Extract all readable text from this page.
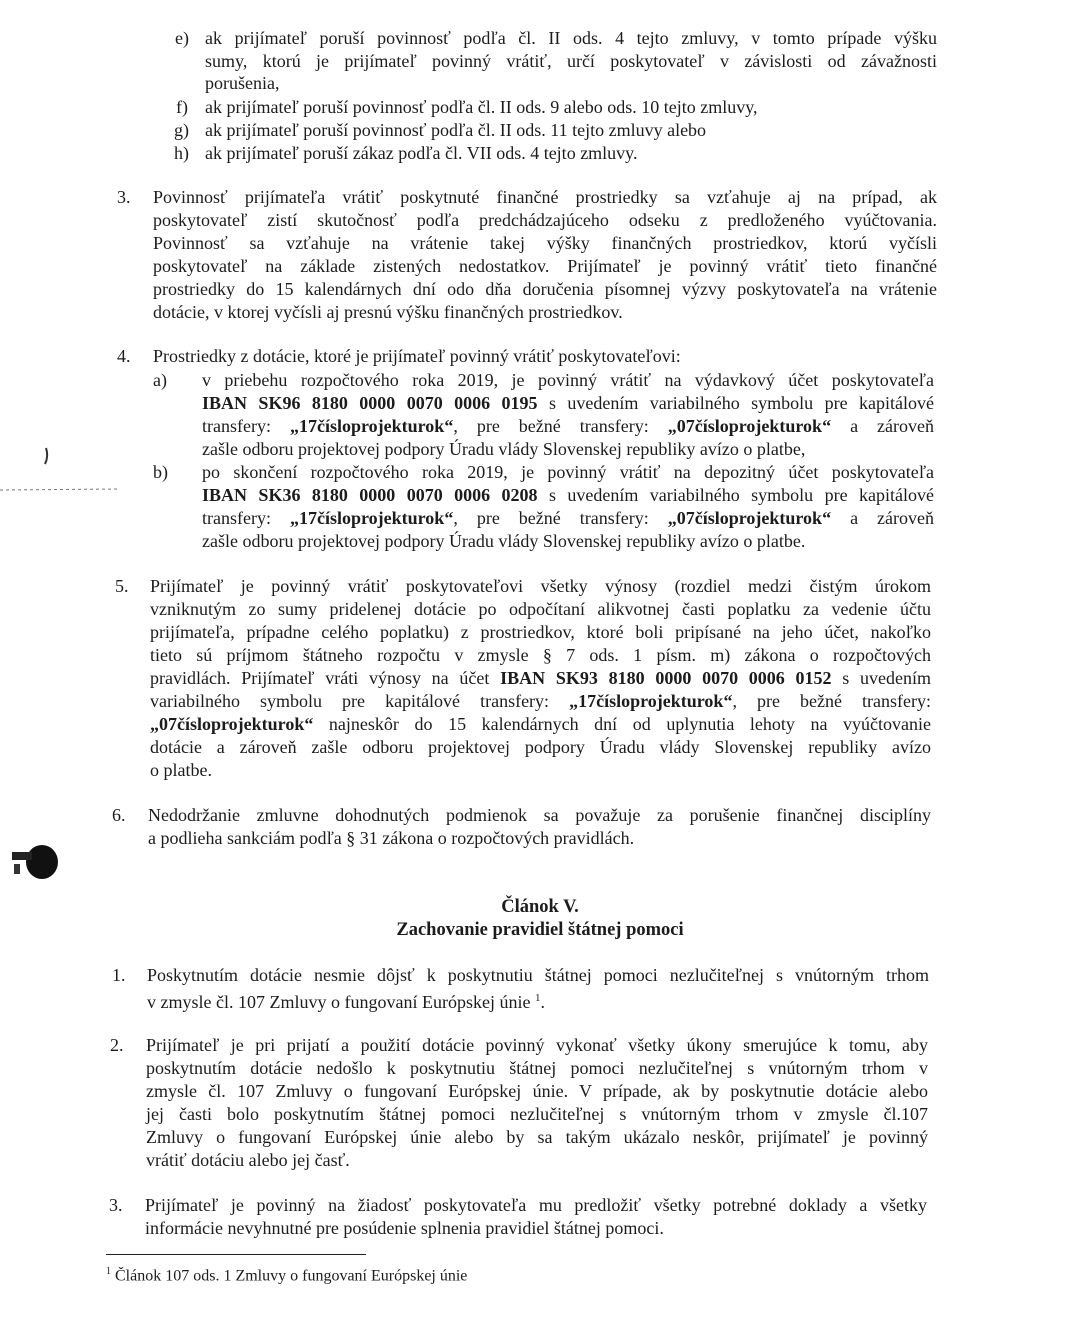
e) ak prijímateľ poruší povinnosť podľa čl. II ods. 4 tejto zmluvy, v tomto prípade výšku
sumy, ktorú je prijímateľ povinný vrátiť, určí poskytovateľ v závislosti od závažnosti
porušenia,
f) ak prijímateľ poruší povinnosť podľa čl. II ods. 9 alebo ods. 10 tejto zmluvy,
g) ak prijímateľ poruší povinnosť podľa čl. II ods. 11 tejto zmluvy alebo
h) ak prijímateľ poruší zákaz podľa čl. VII ods. 4 tejto zmluvy.
3. Povinnosť prijímateľa vrátiť poskytnuté finančné prostriedky sa vzťahuje aj na prípad, ak
poskytovateľ zistí skutočnosť podľa predchádzajúceho odseku z predloženého vyúčtovania.
Povinnosť sa vzťahuje na vrátenie takej výšky finančných prostriedkov, ktorú vyčísli
poskytovateľ na základe zistených nedostatkov. Prijímateľ je povinný vrátiť tieto finančné
prostriedky do 15 kalendárnych dní odo dňa doručenia písomnej výzvy poskytovateľa na vrátenie
dotácie, v ktorej vyčísli aj presnú výšku finančných prostriedkov.
4. Prostriedky z dotácie, ktoré je prijímateľ povinný vrátiť poskytovateľovi:
a) v priebehu rozpočtového roka 2019, je povinný vrátiť na výdavkový účet poskytovateľa
IBAN SK96 8180 0000 0070 0006 0195 s uvedením variabilného symbolu pre kapitálové
transfery: „17čísloprojekturok“, pre bežné transfery: „07čísloprojekturok“ a zároveň
zašle odboru projektovej podpory Úradu vlády Slovenskej republiky avízo o platbe,
b) po skončení rozpočtového roka 2019, je povinný vrátiť na depozitný účet poskytovateľa
IBAN SK36 8180 0000 0070 0006 0208 s uvedením variabilného symbolu pre kapitálové
transfery: „17čísloprojekturok“, pre bežné transfery: „07čísloprojekturok“ a zároveň
zašle odboru projektovej podpory Úradu vlády Slovenskej republiky avízo o platbe.
5. Prijímateľ je povinný vrátiť poskytovateľovi všetky výnosy (rozdiel medzi čistým úrokom
vzniknutým zo sumy pridelenej dotácie po odpočítaní alikvotnej časti poplatku za vedenie účtu
prijímateľa, prípadne celého poplatku) z prostriedkov, ktoré boli pripísané na jeho účet, nakoľko
tieto sú príjmom štátneho rozpočtu v zmysle § 7 ods. 1 písm. m) zákona o rozpočtových
pravidlách. Prijímateľ vráti výnosy na účet IBAN SK93 8180 0000 0070 0006 0152 s uvedením
variabilného symbolu pre kapitálové transfery: „17čísloprojekturok“, pre bežné transfery:
„07čísloprojekturok“ najneskôr do 15 kalendárnych dní od uplynutia lehoty na vyúčtovanie
dotácie a zároveň zašle odboru projektovej podpory Úradu vlády Slovenskej republiky avízo
o platbe.
6. Nedodržanie zmluvne dohodnutých podmienok sa považuje za porušenie finančnej disciplíny
a podlieha sankciám podľa § 31 zákona o rozpočtových pravidlách.
Článok V.
Zachovanie pravidiel štátnej pomoci
1. Poskytnutím dotácie nesmie dôjsť k poskytnutiu štátnej pomoci nezlučiteľnej s vnútorným trhom
v zmysle čl. 107 Zmluvy o fungovaní Európskej únie $^1$.
2. Prijímateľ je pri prijatí a použití dotácie povinný vykonať všetky úkony smerujúce k tomu, aby
poskytnutím dotácie nedošlo k poskytnutiu štátnej pomoci nezlučiteľnej s vnútorným trhom v
zmysle čl. 107 Zmluvy o fungovaní Európskej únie. V prípade, ak by poskytnutie dotácie alebo
jej časti bolo poskytnutím štátnej pomoci nezlučiteľnej s vnútorným trhom v zmysle čl.107
Zmluvy o fungovaní Európskej únie alebo by sa takým ukázalo neskôr, prijímateľ je povinný
vrátiť dotáciu alebo jej časť.
3. Prijímateľ je povinný na žiadosť poskytovateľa mu predložiť všetky potrebné doklady a všetky
informácie nevyhnutné pre posúdenie splnenia pravidiel štátnej pomoci.
$^1$ Článok 107 ods. 1 Zmluvy o fungovaní Európskej únie
